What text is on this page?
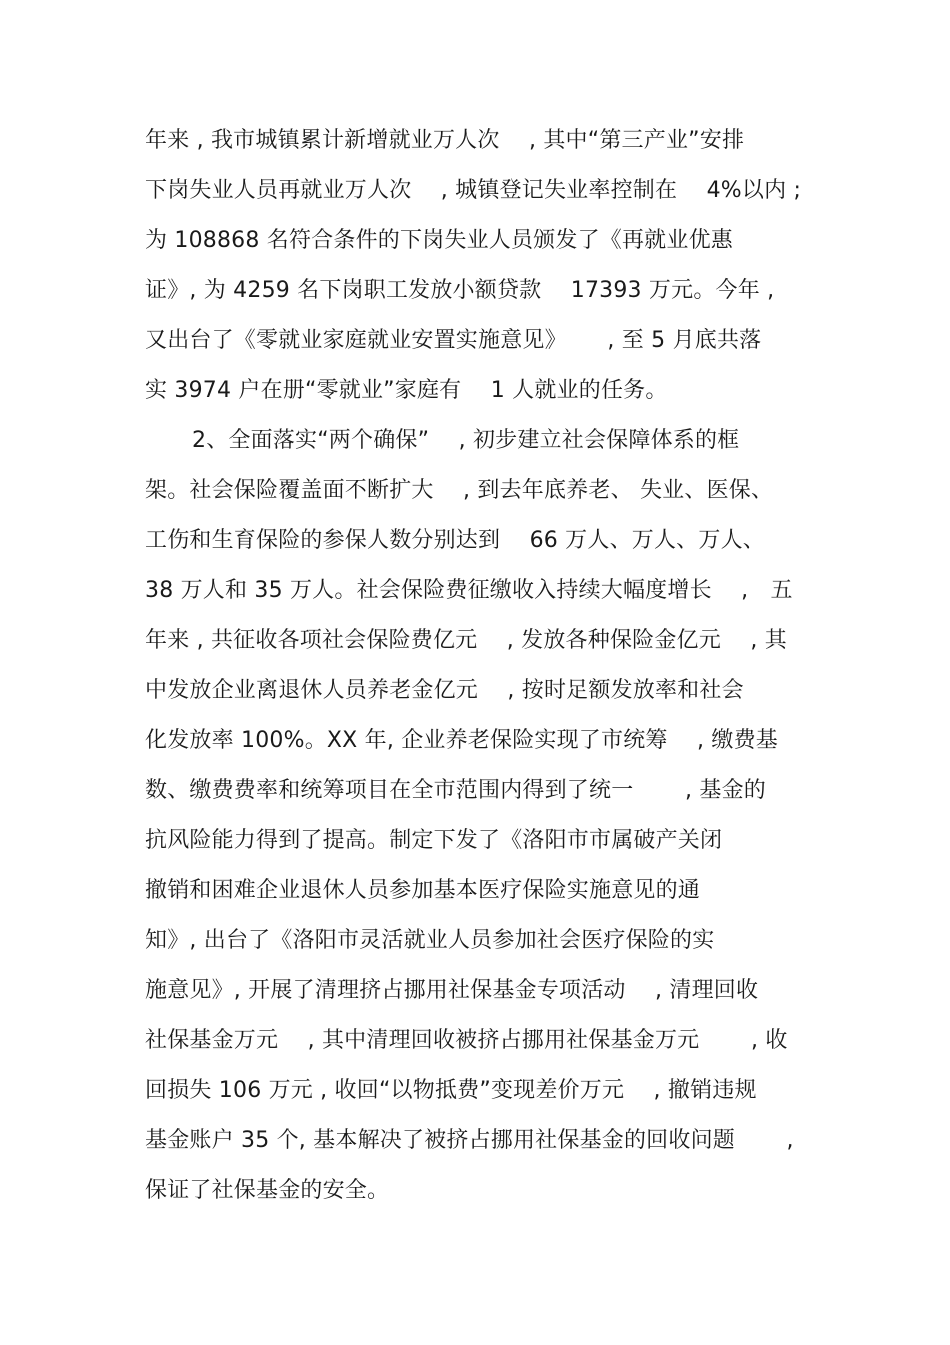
年来 , 我市城镇累计新增就业万人次　 , 其中“第三产业”安排
下岗失业人员再就业万人次　 , 城镇登记失业率控制在　 4%以内 ;
为 108868 名符合条件的下岗失业人员颁发了《再就业优惠
证》, 为 4259 名下岗职工发放小额贷款　 17393 万元。今年 ,
又出台了《零就业家庭就业安置实施意见》　　 , 至 5 月底共落
实 3974 户在册“零就业”家庭有　 1 人就业的任务。
2、全面落实“两个确保”　 , 初步建立社会保障体系的框
架。社会保险覆盖面不断扩大　 , 到去年底养老、 失业、医保、
工伤和生育保险的参保人数分别达到　 66 万人、万人、万人、
38 万人和 35 万人。社会保险费征缴收入持续大幅度增长　 ,　五
年来 , 共征收各项社会保险费亿元　 , 发放各种保险金亿元　 , 其
中发放企业离退休人员养老金亿元　 , 按时足额发放率和社会
化发放率 100%。XX 年, 企业养老保险实现了市统筹　 , 缴费基
数、缴费费率和统筹项目在全市范围内得到了统一　　 , 基金的
抗风险能力得到了提高。制定下发了《洛阳市市属破产关闭
撤销和困难企业退休人员参加基本医疗保险实施意见的通
知》, 出台了《洛阳市灵活就业人员参加社会医疗保险的实
施意见》, 开展了清理挤占挪用社保基金专项活动　 , 清理回收
社保基金万元　 , 其中清理回收被挤占挪用社保基金万元　　 , 收
回损失 106 万元 , 收回“以物抵费”变现差价万元　 , 撤销违规
基金账户 35 个, 基本解决了被挤占挪用社保基金的回收问题　　 ,
保证了社保基金的安全。
